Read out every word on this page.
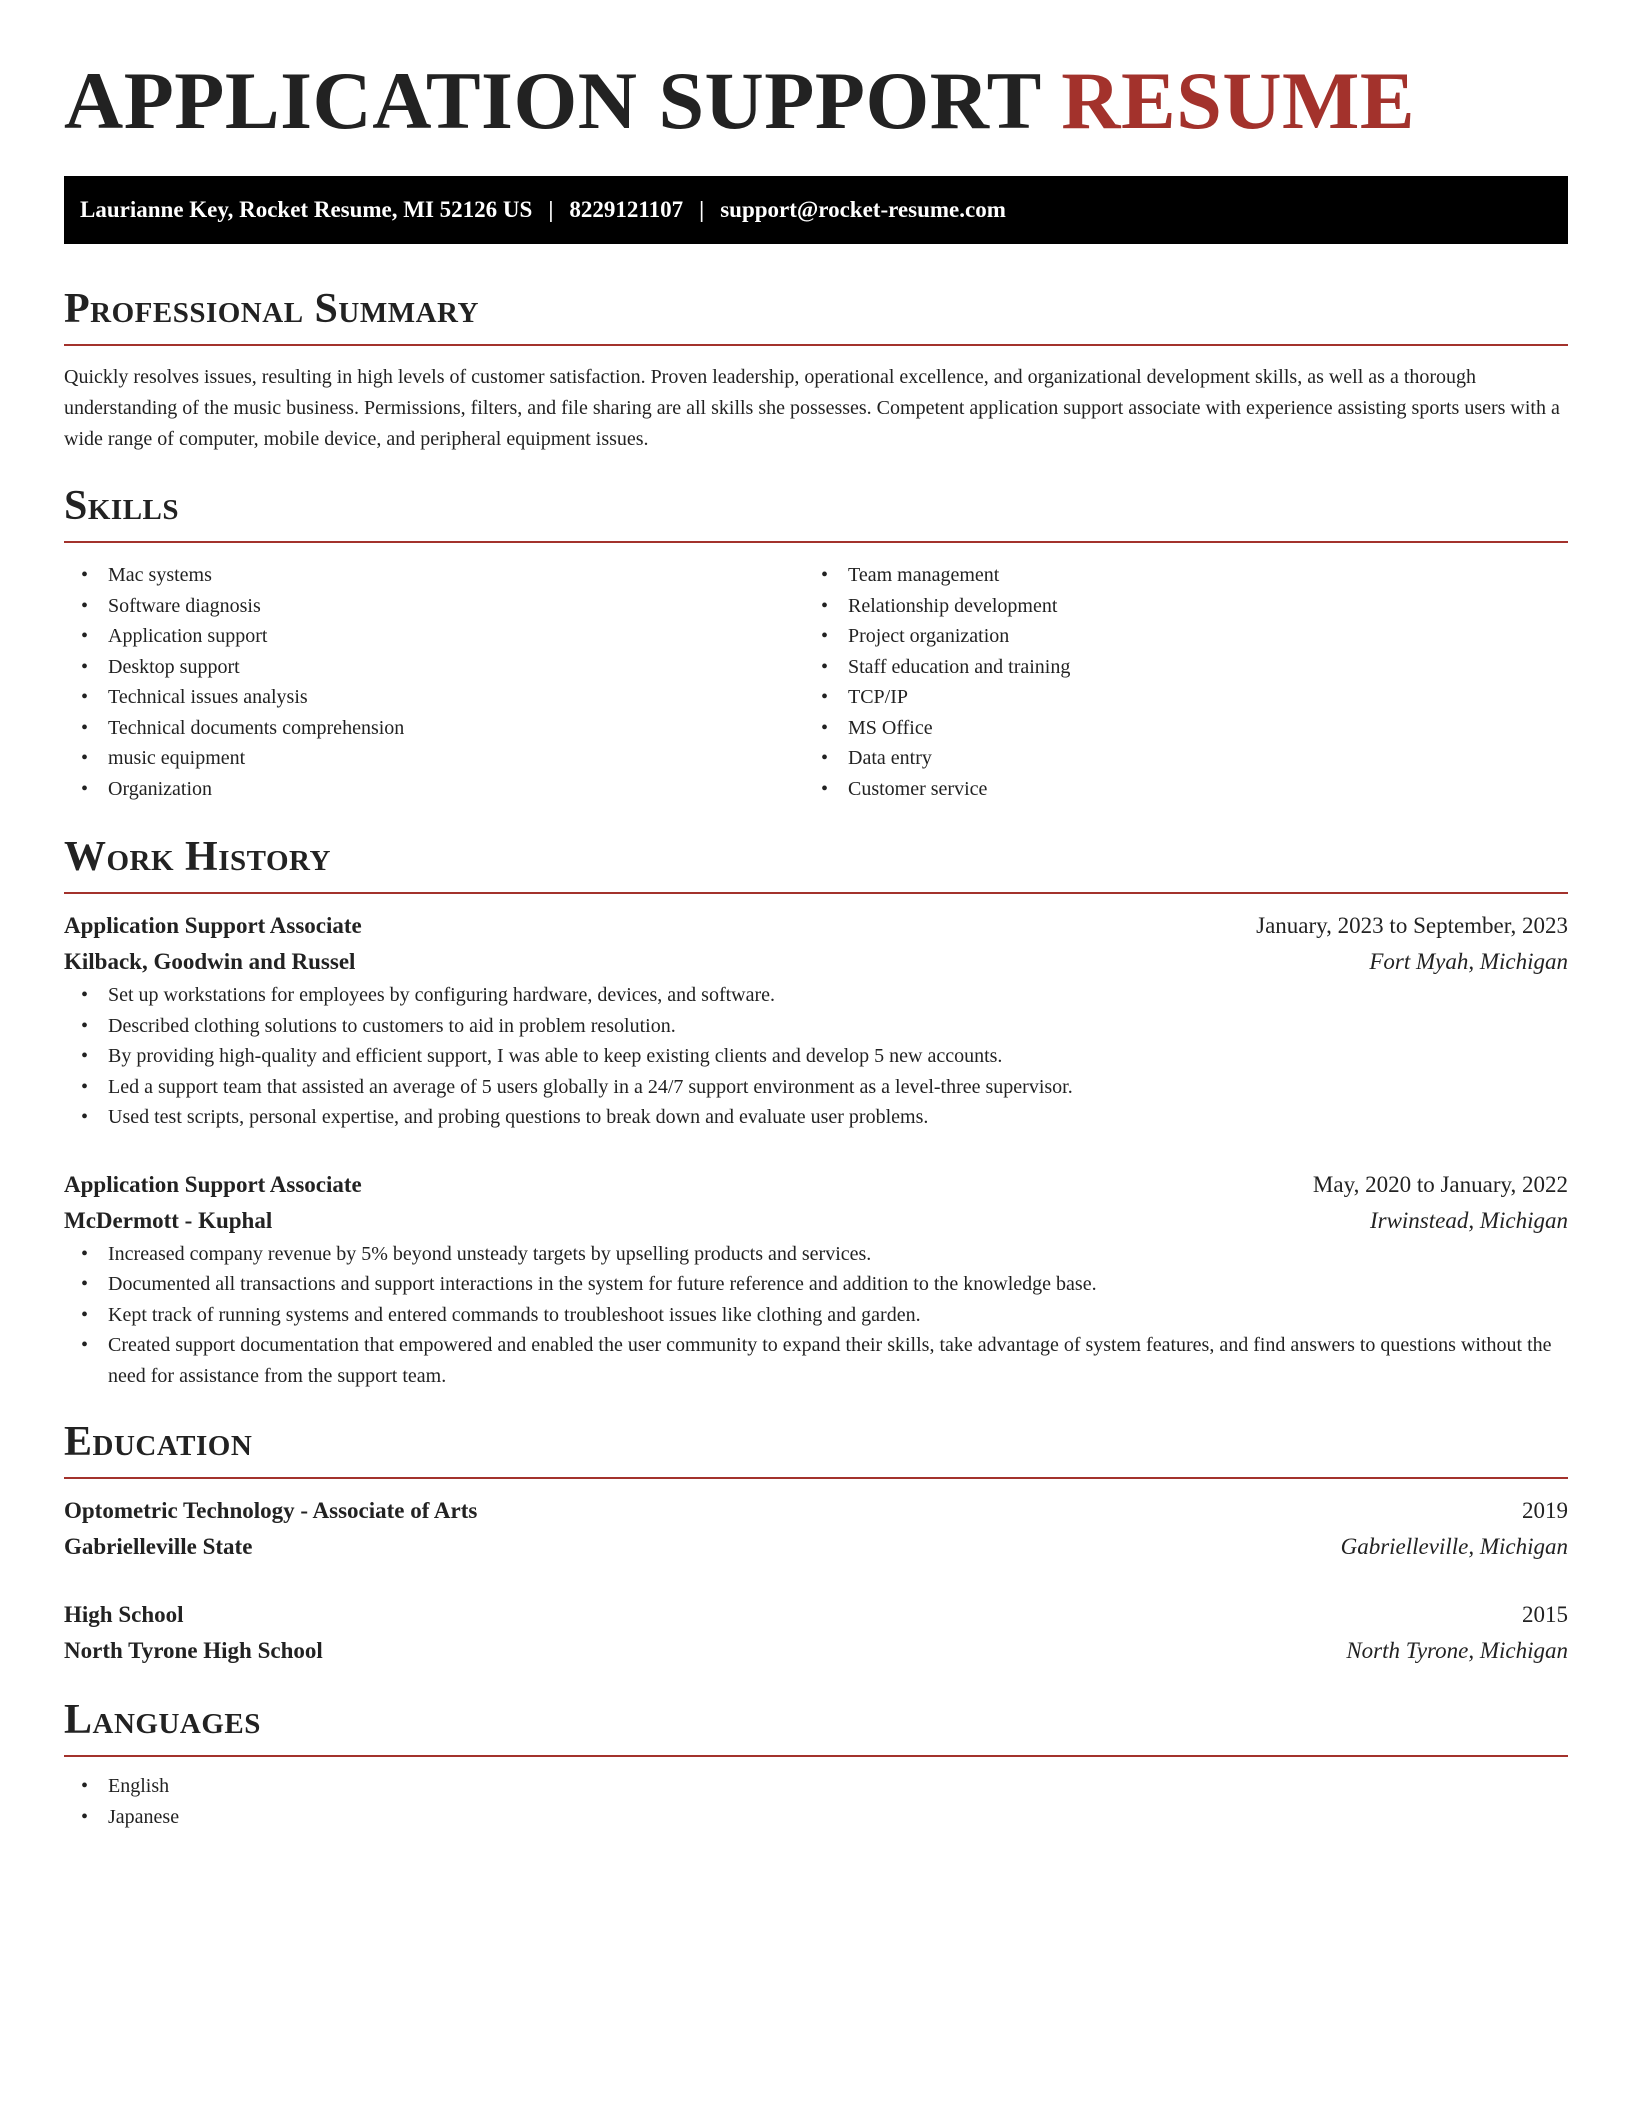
APPLICATION SUPPORT RESUME
Laurianne Key, Rocket Resume, MI 52126 US | 8229121107 | support@rocket-resume.com
Professional Summary

Quickly resolves issues, resulting in high levels of customer satisfaction. Proven leadership, operational excellence, and organizational development skills, as well as a thorough understanding of the music business. Permissions, filters, and file sharing are all skills she possesses. Competent application support associate with experience assisting sports users with a wide range of computer, mobile device, and peripheral equipment issues.

Skills
• Mac systems
• Software diagnosis
• Application support
• Desktop support
• Technical issues analysis
• Technical documents comprehension
• music equipment
• Organization
• Team management
• Relationship development
• Project organization
• Staff education and training
• TCP/IP
• MS Office
• Data entry
• Customer service
Work History
Application Support Associate	January, 2023 to September, 2023
Kilback, Goodwin and Russel	Fort Myah, Michigan
• Set up workstations for employees by configuring hardware, devices, and software.
• Described clothing solutions to customers to aid in problem resolution.
• By providing high-quality and efficient support, I was able to keep existing clients and develop 5 new accounts.
• Led a support team that assisted an average of 5 users globally in a 24/7 support environment as a level-three supervisor.
• Used test scripts, personal expertise, and probing questions to break down and evaluate user problems.
Application Support Associate	May, 2020 to January, 2022
McDermott - Kuphal	Irwinstead, Michigan
• Increased company revenue by 5% beyond unsteady targets by upselling products and services.
• Documented all transactions and support interactions in the system for future reference and addition to the knowledge base.
• Kept track of running systems and entered commands to troubleshoot issues like clothing and garden.
• Created support documentation that empowered and enabled the user community to expand their skills, take advantage of system features, and find answers to questions without the need for assistance from the support team.
Education
Optometric Technology - Associate of Arts	2019
Gabrielleville State	Gabrielleville, Michigan
High School	2015
North Tyrone High School	North Tyrone, Michigan
Languages
• English
• Japanese
